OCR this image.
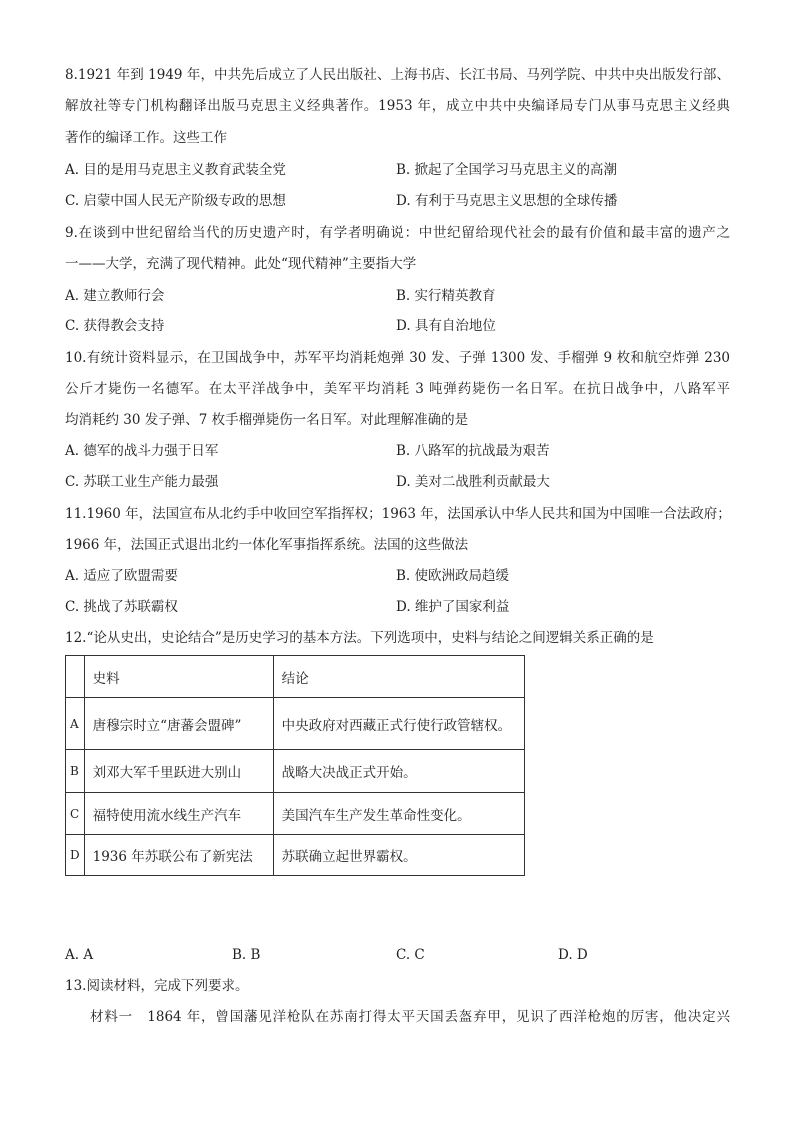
8.1921 年到 1949 年，中共先后成立了人民出版社、上海书店、长江书局、马列学院、中共中央出版发行部、
解放社等专门机构翻译出版马克思主义经典著作。1953 年，成立中共中央编译局专门从事马克思主义经典
著作的编译工作。这些工作
A. 目的是用马克思主义教育武装全党	B. 掀起了全国学习马克思主义的高潮
C. 启蒙中国人民无产阶级专政的思想	D. 有利于马克思主义思想的全球传播
9.在谈到中世纪留给当代的历史遗产时，有学者明确说：中世纪留给现代社会的最有价值和最丰富的遗产之
一——大学，充满了现代精神。此处“现代精神”主要指大学
A. 建立教师行会	B. 实行精英教育
C. 获得教会支持	D. 具有自治地位
10.有统计资料显示，在卫国战争中，苏军平均消耗炮弹 30 发、子弹 1300 发、手榴弹 9 枚和航空炸弹 230
公斤才毙伤一名德军。在太平洋战争中，美军平均消耗 3 吨弹药毙伤一名日军。在抗日战争中，八路军平
均消耗约 30 发子弹、7 枚手榴弹毙伤一名日军。对此理解准确的是
A. 德军的战斗力强于日军	B. 八路军的抗战最为艰苦
C. 苏联工业生产能力最强	D. 美对二战胜利贡献最大
11.1960 年，法国宣布从北约手中收回空军指挥权；1963 年，法国承认中华人民共和国为中国唯一合法政府；
1966 年，法国正式退出北约一体化军事指挥系统。法国的这些做法
A. 适应了欧盟需要	B. 使欧洲政局趋缓
C. 挑战了苏联霸权	D. 维护了国家利益
12.“论从史出，史论结合”是历史学习的基本方法。下列选项中，史料与结论之间逻辑关系正确的是
	史料	结论
A	唐穆宗时立“唐蕃会盟碑”	中央政府对西藏正式行使行政管辖权。
B	刘邓大军千里跃进大别山	战略大决战正式开始。
C	福特使用流水线生产汽车	美国汽车生产发生革命性变化。
D	1936 年苏联公布了新宪法	苏联确立起世界霸权。
A. A	B. B	C. C	D. D
13.阅读材料，完成下列要求。
材料一　1864 年，曾国藩见洋枪队在苏南打得太平天国丢盔弃甲，见识了西洋枪炮的厉害，他决定兴
